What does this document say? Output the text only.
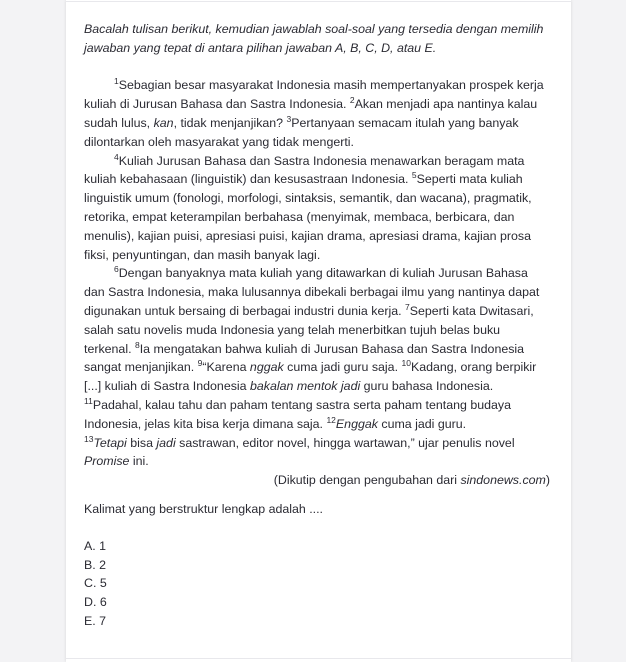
Bacalah tulisan berikut, kemudian jawablah soal-soal yang tersedia dengan memilih jawaban yang tepat di antara pilihan jawaban A, B, C, D, atau E.

$^1$Sebagian besar masyarakat Indonesia masih mempertanyakan prospek kerja kuliah di Jurusan Bahasa dan Sastra Indonesia. $^2$Akan menjadi apa nantinya kalau sudah lulus, kan, tidak menjanjikan? $^3$Pertanyaan semacam itulah yang banyak dilontarkan oleh masyarakat yang tidak mengerti.

$^4$Kuliah Jurusan Bahasa dan Sastra Indonesia menawarkan beragam mata kuliah kebahasaan (linguistik) dan kesusastraan Indonesia. $^5$Seperti mata kuliah linguistik umum (fonologi, morfologi, sintaksis, semantik, dan wacana), pragmatik, retorika, empat keterampilan berbahasa (menyimak, membaca, berbicara, dan menulis), kajian puisi, apresiasi puisi, kajian drama, apresiasi drama, kajian prosa fiksi, penyuntingan, dan masih banyak lagi.

$^6$Dengan banyaknya mata kuliah yang ditawarkan di kuliah Jurusan Bahasa dan Sastra Indonesia, maka lulusannya dibekali berbagai ilmu yang nantinya dapat digunakan untuk bersaing di berbagai industri dunia kerja. $^7$Seperti kata Dwitasari, salah satu novelis muda Indonesia yang telah menerbitkan tujuh belas buku terkenal. $^8$Ia mengatakan bahwa kuliah di Jurusan Bahasa dan Sastra Indonesia sangat menjanjikan. $^9$“Karena nggak cuma jadi guru saja. $^{10}$Kadang, orang berpikir [...] kuliah di Sastra Indonesia bakalan mentok jadi guru bahasa Indonesia. $^{11}$Padahal, kalau tahu dan paham tentang sastra serta paham tentang budaya Indonesia, jelas kita bisa kerja dimana saja. $^{12}$Enggak cuma jadi guru.

$^{13}$Tetapi bisa jadi sastrawan, editor novel, hingga wartawan,” ujar penulis novel Promise ini.

(Dikutip dengan pengubahan dari sindonews.com)

Kalimat yang berstruktur lengkap adalah ....

A. 1

B. 2

C. 5

D. 6

E. 7
